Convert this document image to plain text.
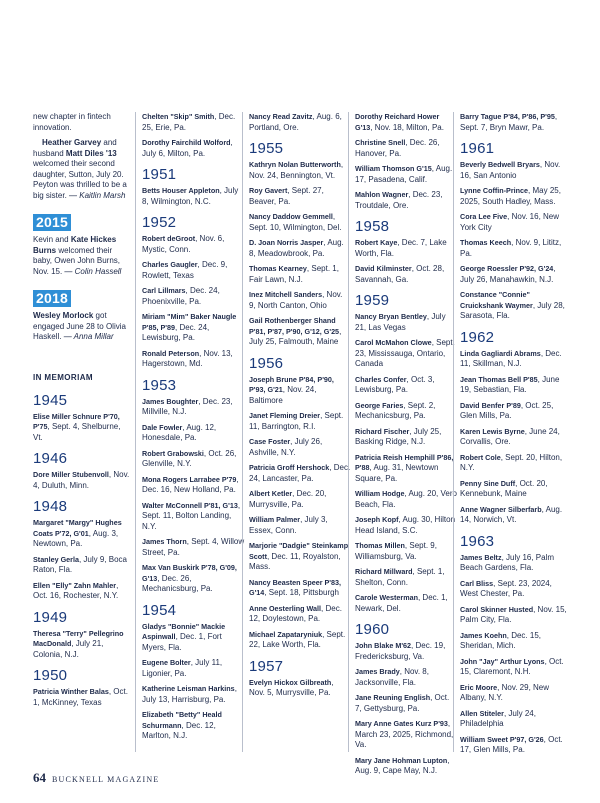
new chapter in fintech innovation.
Heather Garvey and husband Matt Diles '13 welcomed their second daughter, Sutton, July 20. Peyton was thrilled to be a big sister. — Kaitlin Marsh
2015
Kevin and Kate Hickes Burns welcomed their baby, Owen John Burns, Nov. 15. — Colin Hassell
2018
Wesley Morlock got engaged June 28 to Olivia Haskell. — Anna Millar
IN MEMORIAM
1945
Elise Miller Schnure P'70, P'75, Sept. 4, Shelburne, Vt.
1946
Dore Miller Stubenvoll, Nov. 4, Duluth, Minn.
1948
Margaret "Margy" Hughes Coats P'72, G'01, Aug. 3, Newtown, Pa.
Stanley Gerla, July 9, Boca Raton, Fla.
Ellen "Elly" Zahn Mahler, Oct. 16, Rochester, N.Y.
1949
Theresa "Terry" Pellegrino MacDonald, July 21, Colonia, N.J.
1950
Patricia Winther Balas, Oct. 1, McKinney, Texas
Chelten "Skip" Smith, Dec. 25, Erie, Pa.
Dorothy Fairchild Wolford, July 6, Milton, Pa.
1951
Betts Houser Appleton, July 8, Wilmington, N.C.
1952
Robert deGroot, Nov. 6, Mystic, Conn.
Charles Gaugler, Dec. 9, Rowlett, Texas
Carl Lillmars, Dec. 24, Phoenixville, Pa.
Miriam "Mim" Baker Naugle P'85, P'89, Dec. 24, Lewisburg, Pa.
Ronald Peterson, Nov. 13, Hagerstown, Md.
1953
James Boughter, Dec. 23, Millville, N.J.
Dale Fowler, Aug. 12, Honesdale, Pa.
Robert Grabowski, Oct. 26, Glenville, N.Y.
Mona Rogers Larrabee P'79, Dec. 16, New Holland, Pa.
Walter McConnell P'81, G'13, Sept. 11, Bolton Landing, N.Y.
James Thorn, Sept. 4, Willow Street, Pa.
Max Van Buskirk P'78, G'09, G'13, Dec. 26, Mechanicsburg, Pa.
1954
Gladys "Bonnie" Mackie Aspinwall, Dec. 1, Fort Myers, Fla.
Eugene Bolter, July 11, Ligonier, Pa.
Katherine Leisman Harkins, July 13, Harrisburg, Pa.
Elizabeth "Betty" Heald Schurmann, Dec. 12, Marlton, N.J.
Nancy Read Zavitz, Aug. 6, Portland, Ore.
1955
Kathryn Nolan Butterworth, Nov. 24, Bennington, Vt.
Roy Gavert, Sept. 27, Beaver, Pa.
Nancy Daddow Gemmell, Sept. 10, Wilmington, Del.
D. Joan Norris Jasper, Aug. 8, Meadowbrook, Pa.
Thomas Kearney, Sept. 1, Fair Lawn, N.J.
Inez Mitchell Sanders, Nov. 9, North Canton, Ohio
Gail Rothenberger Shand P'81, P'87, P'90, G'12, G'25, July 25, Falmouth, Maine
1956
Joseph Brune P'84, P'90, P'93, G'21, Nov. 24, Baltimore
Janet Fleming Dreier, Sept. 11, Barrington, R.I.
Case Foster, July 26, Ashville, N.Y.
Patricia Groff Hershock, Dec. 24, Lancaster, Pa.
Albert Ketler, Dec. 20, Murrysville, Pa.
William Palmer, July 3, Essex, Conn.
Marjorie "Dadgie" Steinkamp Scott, Dec. 11, Royalston, Mass.
Nancy Beasten Speer P'83, G'14, Sept. 18, Pittsburgh
Anne Oesterling Wall, Dec. 12, Doylestown, Pa.
Michael Zapataryniuk, Sept. 22, Lake Worth, Fla.
1957
Evelyn Hickox Gilbreath, Nov. 5, Murrysville, Pa.
Dorothy Reichard Hower G'13, Nov. 18, Milton, Pa.
Christine Snell, Dec. 26, Hanover, Pa.
William Thomson G'15, Aug. 17, Pasadena, Calif.
Mahlon Wagner, Dec. 23, Troutdale, Ore.
1958
Robert Kaye, Dec. 7, Lake Worth, Fla.
David Kilminster, Oct. 28, Savannah, Ga.
1959
Nancy Bryan Bentley, July 21, Las Vegas
Carol McMahon Clowe, Sept. 23, Mississauga, Ontario, Canada
Charles Confer, Oct. 3, Lewisburg, Pa.
George Faries, Sept. 2, Mechanicsburg, Pa.
Richard Fischer, July 25, Basking Ridge, N.J.
Patricia Reish Hemphill P'86, P'88, Aug. 31, Newtown Square, Pa.
William Hodge, Aug. 20, Vero Beach, Fla.
Joseph Kopf, Aug. 30, Hilton Head Island, S.C.
Thomas Millen, Sept. 9, Williamsburg, Va.
Richard Millward, Sept. 1, Shelton, Conn.
Carole Westerman, Dec. 1, Newark, Del.
1960
John Blake M'62, Dec. 19, Fredericksburg, Va.
James Brady, Nov. 8, Jacksonville, Fla.
Jane Reuning English, Oct. 7, Gettysburg, Pa.
Mary Anne Gates Kurz P'93, March 23, 2025, Richmond, Va.
Mary Jane Hohman Lupton, Aug. 9, Cape May, N.J.
Barry Tague P'84, P'86, P'95, Sept. 7, Bryn Mawr, Pa.
1961
Beverly Bedwell Bryars, Nov. 16, San Antonio
Lynne Coffin-Prince, May 25, 2025, South Hadley, Mass.
Cora Lee Five, Nov. 16, New York City
Thomas Keech, Nov. 9, Lititz, Pa.
George Roessler P'92, G'24, July 26, Manahawkin, N.J.
Constance "Connie" Cruickshank Waymer, July 28, Sarasota, Fla.
1962
Linda Gagliardi Abrams, Dec. 11, Skillman, N.J.
Jean Thomas Bell P'85, June 19, Sebastian, Fla.
David Benfer P'89, Oct. 25, Glen Mills, Pa.
Karen Lewis Byrne, June 24, Corvallis, Ore.
Robert Cole, Sept. 20, Hilton, N.Y.
Penny Sine Duff, Oct. 20, Kennebunk, Maine
Anne Wagner Silberfarb, Aug. 14, Norwich, Vt.
1963
James Beltz, July 16, Palm Beach Gardens, Fla.
Carl Bliss, Sept. 23, 2024, West Chester, Pa.
Carol Skinner Husted, Nov. 15, Palm City, Fla.
James Koehn, Dec. 15, Sheridan, Mich.
John "Jay" Arthur Lyons, Oct. 15, Claremont, N.H.
Eric Moore, Nov. 29, New Albany, N.Y.
Allen Stiteler, July 24, Philadelphia
William Sweet P'97, G'26, Oct. 17, Glen Mills, Pa.
64 BUCKNELL MAGAZINE
